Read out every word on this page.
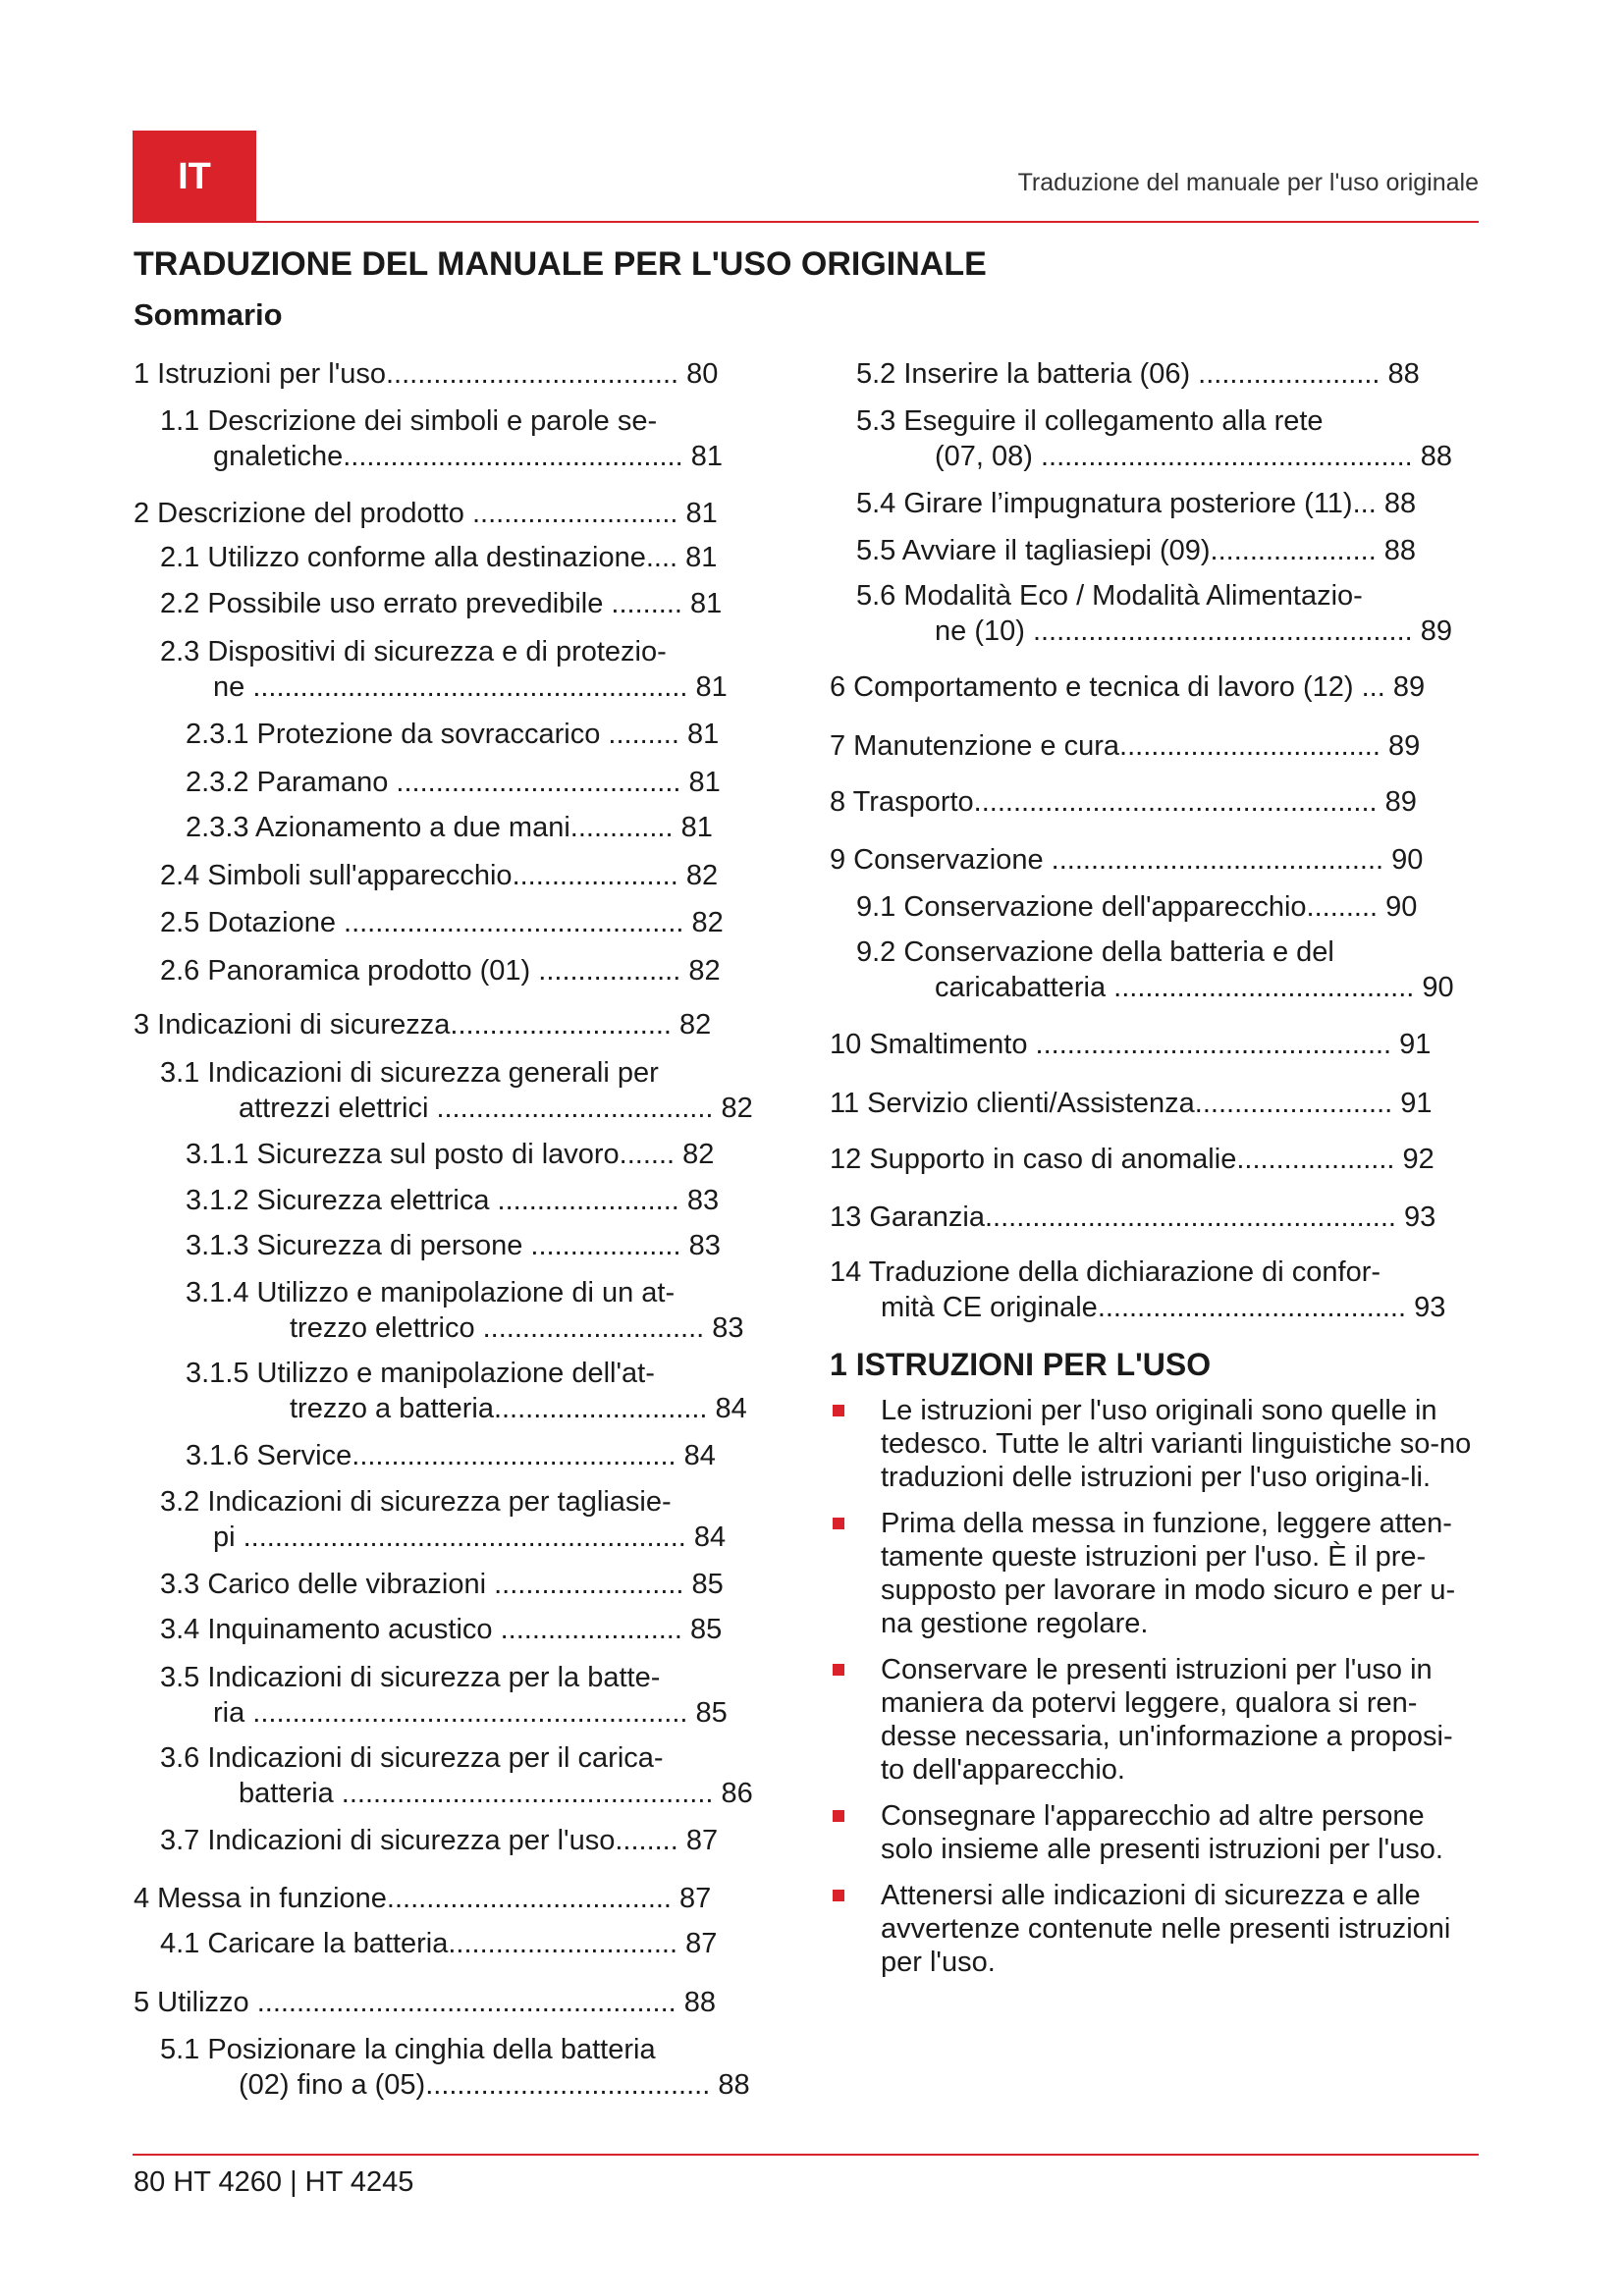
IT	Traduzione del manuale per l'uso originale
TRADUZIONE DEL MANUALE PER L'USO ORIGINALE
Sommario
1 Istruzioni per l'uso..................................... 80
1.1 Descrizione dei simboli e parole se-
gnaletiche........................................... 81
2 Descrizione del prodotto .......................... 81
2.1 Utilizzo conforme alla destinazione.... 81
2.2 Possibile uso errato prevedibile ......... 81
2.3 Dispositivi di sicurezza e di protezio-
ne ....................................................... 81
2.3.1 Protezione da sovraccarico ......... 81
2.3.2 Paramano .................................... 81
2.3.3 Azionamento a due mani............. 81
2.4 Simboli sull'apparecchio..................... 82
2.5 Dotazione ........................................... 82
2.6 Panoramica prodotto (01) .................. 82
3 Indicazioni di sicurezza............................ 82
3.1 Indicazioni di sicurezza generali per
attrezzi elettrici ................................... 82
3.1.1 Sicurezza sul posto di lavoro....... 82
3.1.2 Sicurezza elettrica ....................... 83
3.1.3 Sicurezza di persone ................... 83
3.1.4 Utilizzo e manipolazione di un at-
trezzo elettrico ............................ 83
3.1.5 Utilizzo e manipolazione dell'at-
trezzo a batteria........................... 84
3.1.6 Service......................................... 84
3.2 Indicazioni di sicurezza per tagliasie-
pi ........................................................ 84
3.3 Carico delle vibrazioni ........................ 85
3.4 Inquinamento acustico ....................... 85
3.5 Indicazioni di sicurezza per la batte-
ria ....................................................... 85
3.6 Indicazioni di sicurezza per il carica-
batteria ............................................... 86
3.7 Indicazioni di sicurezza per l'uso........ 87
4 Messa in funzione.................................... 87
4.1 Caricare la batteria............................. 87
5 Utilizzo ..................................................... 88
5.1 Posizionare la cinghia della batteria
(02) fino a (05).................................... 88
5.2 Inserire la batteria (06) ....................... 88
5.3 Eseguire il collegamento alla rete
(07, 08) ............................................... 88
5.4 Girare l’impugnatura posteriore (11)... 88
5.5 Avviare il tagliasiepi (09)..................... 88
5.6 Modalità Eco / Modalità Alimentazio-
ne (10) ................................................ 89
6 Comportamento e tecnica di lavoro (12) ... 89
7 Manutenzione e cura................................. 89
8 Trasporto................................................... 89
9 Conservazione .......................................... 90
9.1 Conservazione dell'apparecchio......... 90
9.2 Conservazione della batteria e del
caricabatteria ...................................... 90
10 Smaltimento ............................................. 91
11 Servizio clienti/Assistenza......................... 91
12 Supporto in caso di anomalie.................... 92
13 Garanzia.................................................... 93
14 Traduzione della dichiarazione di confor-
mità CE originale....................................... 93
1 ISTRUZIONI PER L'USO
Le istruzioni per l'uso originali sono quelle in tedesco. Tutte le altri varianti linguistiche so-no traduzioni delle istruzioni per l'uso origina-li.
Prima della messa in funzione, leggere atten-tamente queste istruzioni per l'uso. È il pre-supposto per lavorare in modo sicuro e per u-na gestione regolare.
Conservare le presenti istruzioni per l'uso in maniera da potervi leggere, qualora si ren-desse necessaria, un'informazione a proposi-to dell'apparecchio.
Consegnare l'apparecchio ad altre persone solo insieme alle presenti istruzioni per l'uso.
Attenersi alle indicazioni di sicurezza e alle avvertenze contenute nelle presenti istruzioni per l'uso.
80 HT 4260 | HT 4245
